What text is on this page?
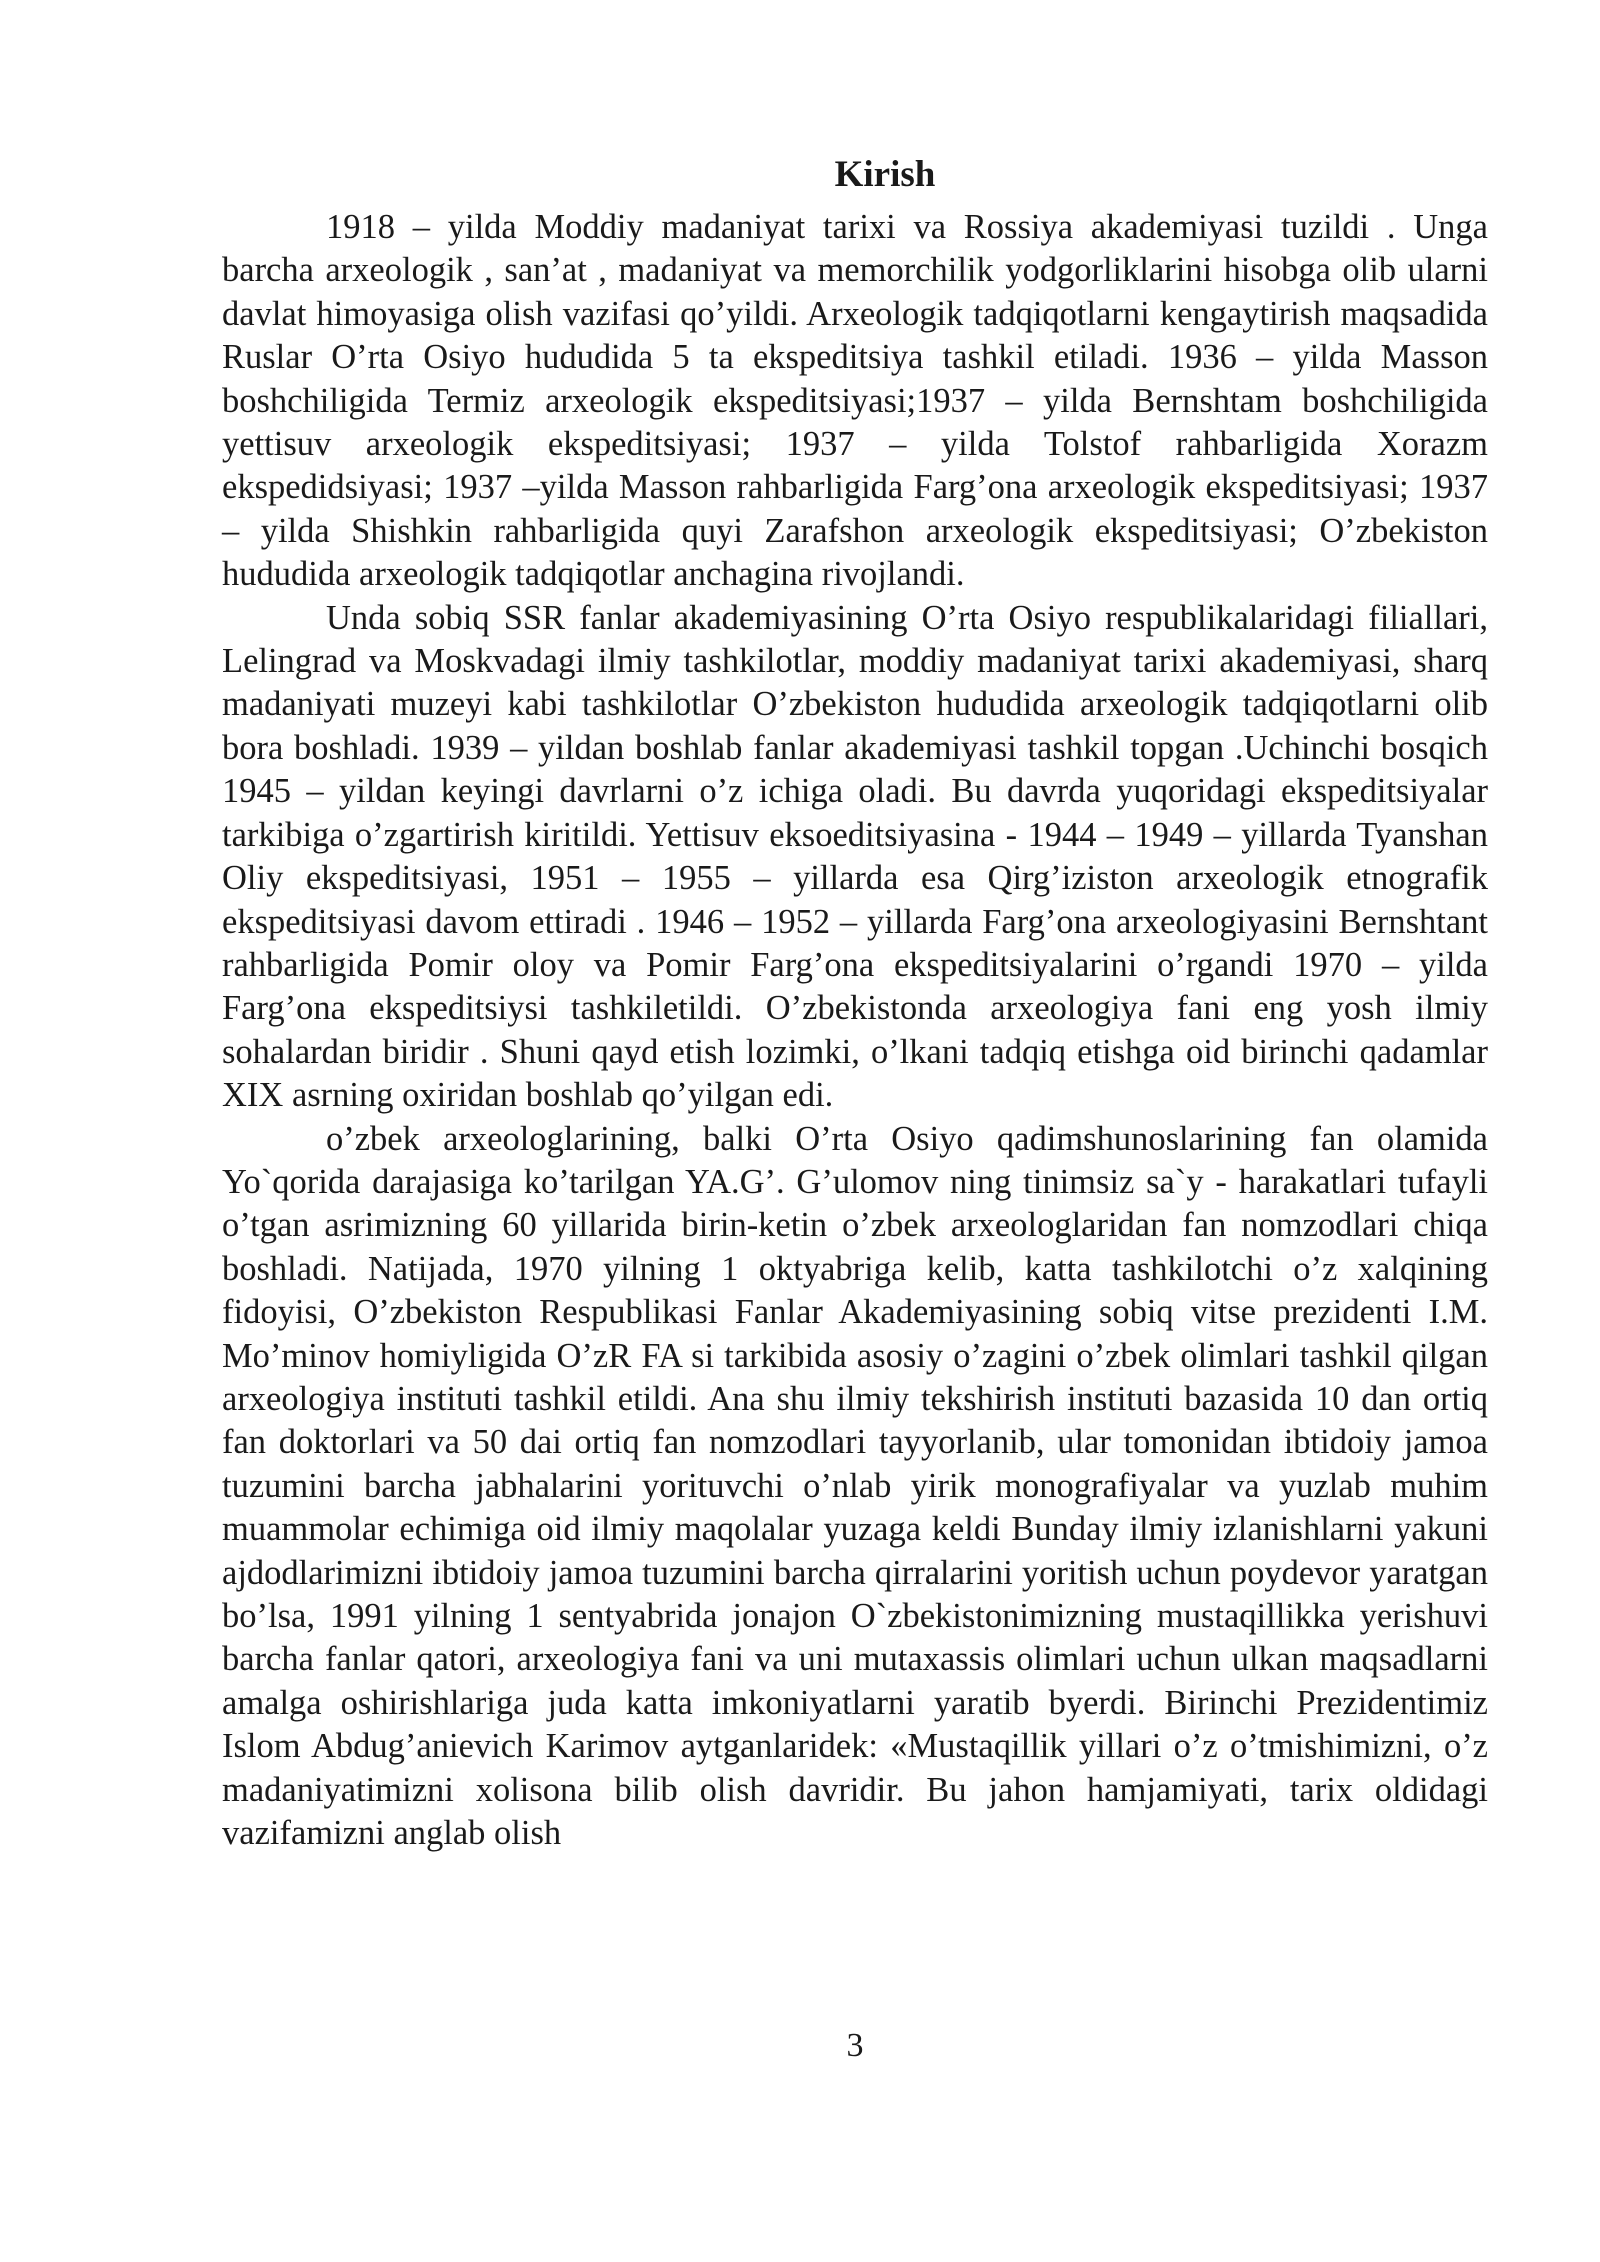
Kirish

1918 – yilda Moddiy madaniyat tarixi va Rossiya akademiyasi tuzildi . Unga barcha arxeologik , san’at , madaniyat va memorchilik yodgorliklarini hisobga olib ularni davlat himoyasiga olish vazifasi qo’yildi. Arxeologik tadqiqotlarni kengaytirish maqsadida Ruslar O’rta Osiyo hududida 5 ta ekspeditsiya tashkil etiladi. 1936 – yilda Masson boshchiligida Termiz arxeologik ekspeditsiyasi;1937 – yilda Bernshtam boshchiligida yettisuv arxeologik ekspeditsiyasi; 1937 – yilda Tolstof rahbarligida Xorazm ekspedidsiyasi; 1937 –yilda Masson rahbarligida Farg’ona arxeologik ekspeditsiyasi; 1937 – yilda Shishkin rahbarligida quyi Zarafshon arxeologik ekspeditsiyasi; O’zbekiston hududida arxeologik tadqiqotlar anchagina rivojlandi.

Unda sobiq SSR fanlar akademiyasining O’rta Osiyo respublikalaridagi filiallari, Lelingrad va Moskvadagi ilmiy tashkilotlar, moddiy madaniyat tarixi akademiyasi, sharq madaniyati muzeyi kabi tashkilotlar O’zbekiston hududida arxeologik tadqiqotlarni olib bora boshladi. 1939 – yildan boshlab fanlar akademiyasi tashkil topgan .Uchinchi bosqich 1945 – yildan keyingi davrlarni o’z ichiga oladi. Bu davrda yuqoridagi ekspeditsiyalar tarkibiga o’zgartirish kiritildi. Yettisuv eksoeditsiyasina - 1944 – 1949 – yillarda Tyanshan Oliy ekspeditsiyasi, 1951 – 1955 – yillarda esa Qirg’iziston arxeologik etnografik ekspeditsiyasi davom ettiradi . 1946 – 1952 – yillarda Farg’ona arxeologiyasini Bernshtant rahbarligida Pomir oloy va Pomir Farg’ona ekspeditsiyalarini o’rgandi 1970 – yilda Farg’ona ekspeditsiysi tashkiletildi. O’zbekistonda arxeologiya fani eng yosh ilmiy sohalardan biridir . Shuni qayd etish lozimki, o’lkani tadqiq etishga oid birinchi qadamlar XIX asrning oxiridan boshlab qo’yilgan edi.

o’zbek arxeologlarining, balki O’rta Osiyo qadimshunoslarining fan olamida Yo`qorida darajasiga ko’tarilgan YA.G’. G’ulomov ning tinimsiz sa`y - harakatlari tufayli o’tgan asrimizning 60 yillarida birin-ketin o’zbek arxeologlaridan fan nomzodlari chiqa boshladi. Natijada, 1970 yilning 1 oktyabriga kelib, katta tashkilotchi o’z xalqining fidoyisi, O’zbekiston Respublikasi Fanlar Akademiyasining sobiq vitse prezidenti I.M. Mo’minov homiyligida O’zR FA si tarkibida asosiy o’zagini o’zbek olimlari tashkil qilgan arxeologiya instituti tashkil etildi. Ana shu ilmiy tekshirish instituti bazasida 10 dan ortiq fan doktorlari va 50 dai ortiq fan nomzodlari tayyorlanib, ular tomonidan ibtidoiy jamoa tuzumini barcha jabhalarini yorituvchi o’nlab yirik monografiyalar va yuzlab muhim muammolar echimiga oid ilmiy maqolalar yuzaga keldi Bunday ilmiy izlanishlarni yakuni ajdodlarimizni ibtidoiy jamoa tuzumini barcha qirralarini yoritish uchun poydevor yaratgan bo’lsa, 1991 yilning 1 sentyabrida jonajon O`zbekistonimizning mustaqillikka yerishuvi barcha fanlar qatori, arxeologiya fani va uni mutaxassis olimlari uchun ulkan maqsadlarni amalga oshirishlariga juda katta imkoniyatlarni yaratib byerdi. Birinchi Prezidentimiz Islom Abdug’anievich Karimov aytganlaridek: «Mustaqillik yillari o’z o’tmishimizni, o’z madaniyatimizni xolisona bilib olish davridir. Bu jahon hamjamiyati, tarix oldidagi vazifamizni anglab olish

3
